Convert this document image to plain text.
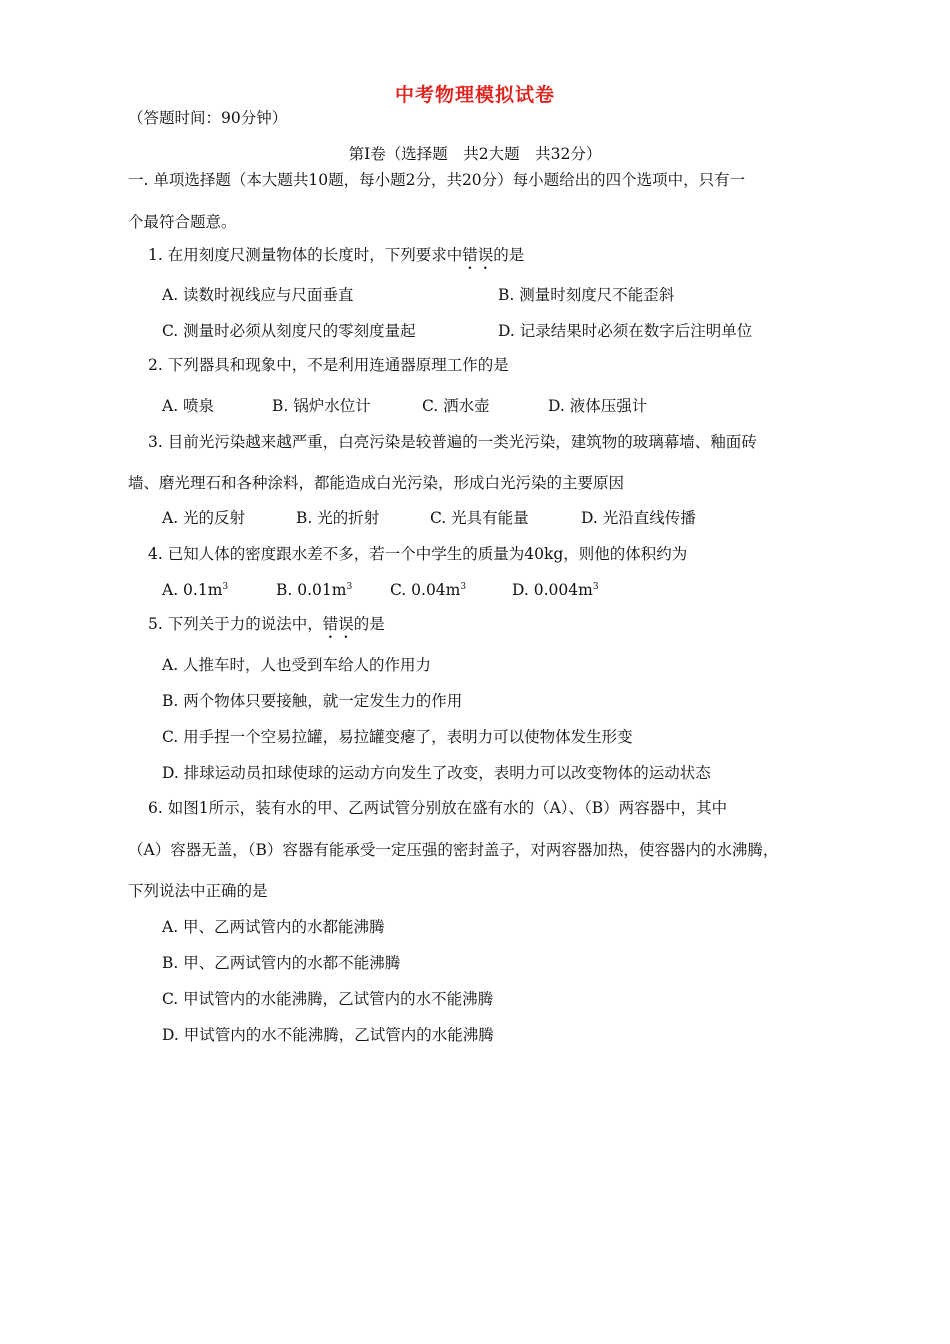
中考物理模拟试卷
（答题时间：90分钟）
第I卷（选择题　共2大题　共32分）
一. 单项选择题（本大题共10题，每小题2分，共20分）每小题给出的四个选项中，只有一
个最符合题意。
1. 在用刻度尺测量物体的长度时，下列要求中错误的是
A. 读数时视线应与尺面垂直	B. 测量时刻度尺不能歪斜
C. 测量时必须从刻度尺的零刻度量起	D. 记录结果时必须在数字后注明单位
2. 下列器具和现象中，不是利用连通器原理工作的是
A. 喷泉	B. 锅炉水位计	C. 洒水壶	D. 液体压强计
3. 目前光污染越来越严重，白亮污染是较普遍的一类光污染，建筑物的玻璃幕墙、釉面砖
墙、磨光理石和各种涂料，都能造成白光污染，形成白光污染的主要原因
A. 光的反射	B. 光的折射	C. 光具有能量	D. 光沿直线传播
4. 已知人体的密度跟水差不多，若一个中学生的质量为40kg，则他的体积约为
A. $0.1m^3$	B. $0.01m^3$ C. $0.04m^3$	D. $0.004m^3$
5. 下列关于力的说法中，错误的是
A. 人推车时，人也受到车给人的作用力
B. 两个物体只要接触，就一定发生力的作用
C. 用手捏一个空易拉罐，易拉罐变瘪了，表明力可以使物体发生形变
D. 排球运动员扣球使球的运动方向发生了改变，表明力可以改变物体的运动状态
6. 如图1所示，装有水的甲、乙两试管分别放在盛有水的（A）、（B）两容器中，其中
（A）容器无盖，（B）容器有能承受一定压强的密封盖子，对两容器加热，使容器内的水沸腾，
下列说法中正确的是
A. 甲、乙两试管内的水都能沸腾
B. 甲、乙两试管内的水都不能沸腾
C. 甲试管内的水能沸腾，乙试管内的水不能沸腾
D. 甲试管内的水不能沸腾，乙试管内的水能沸腾
